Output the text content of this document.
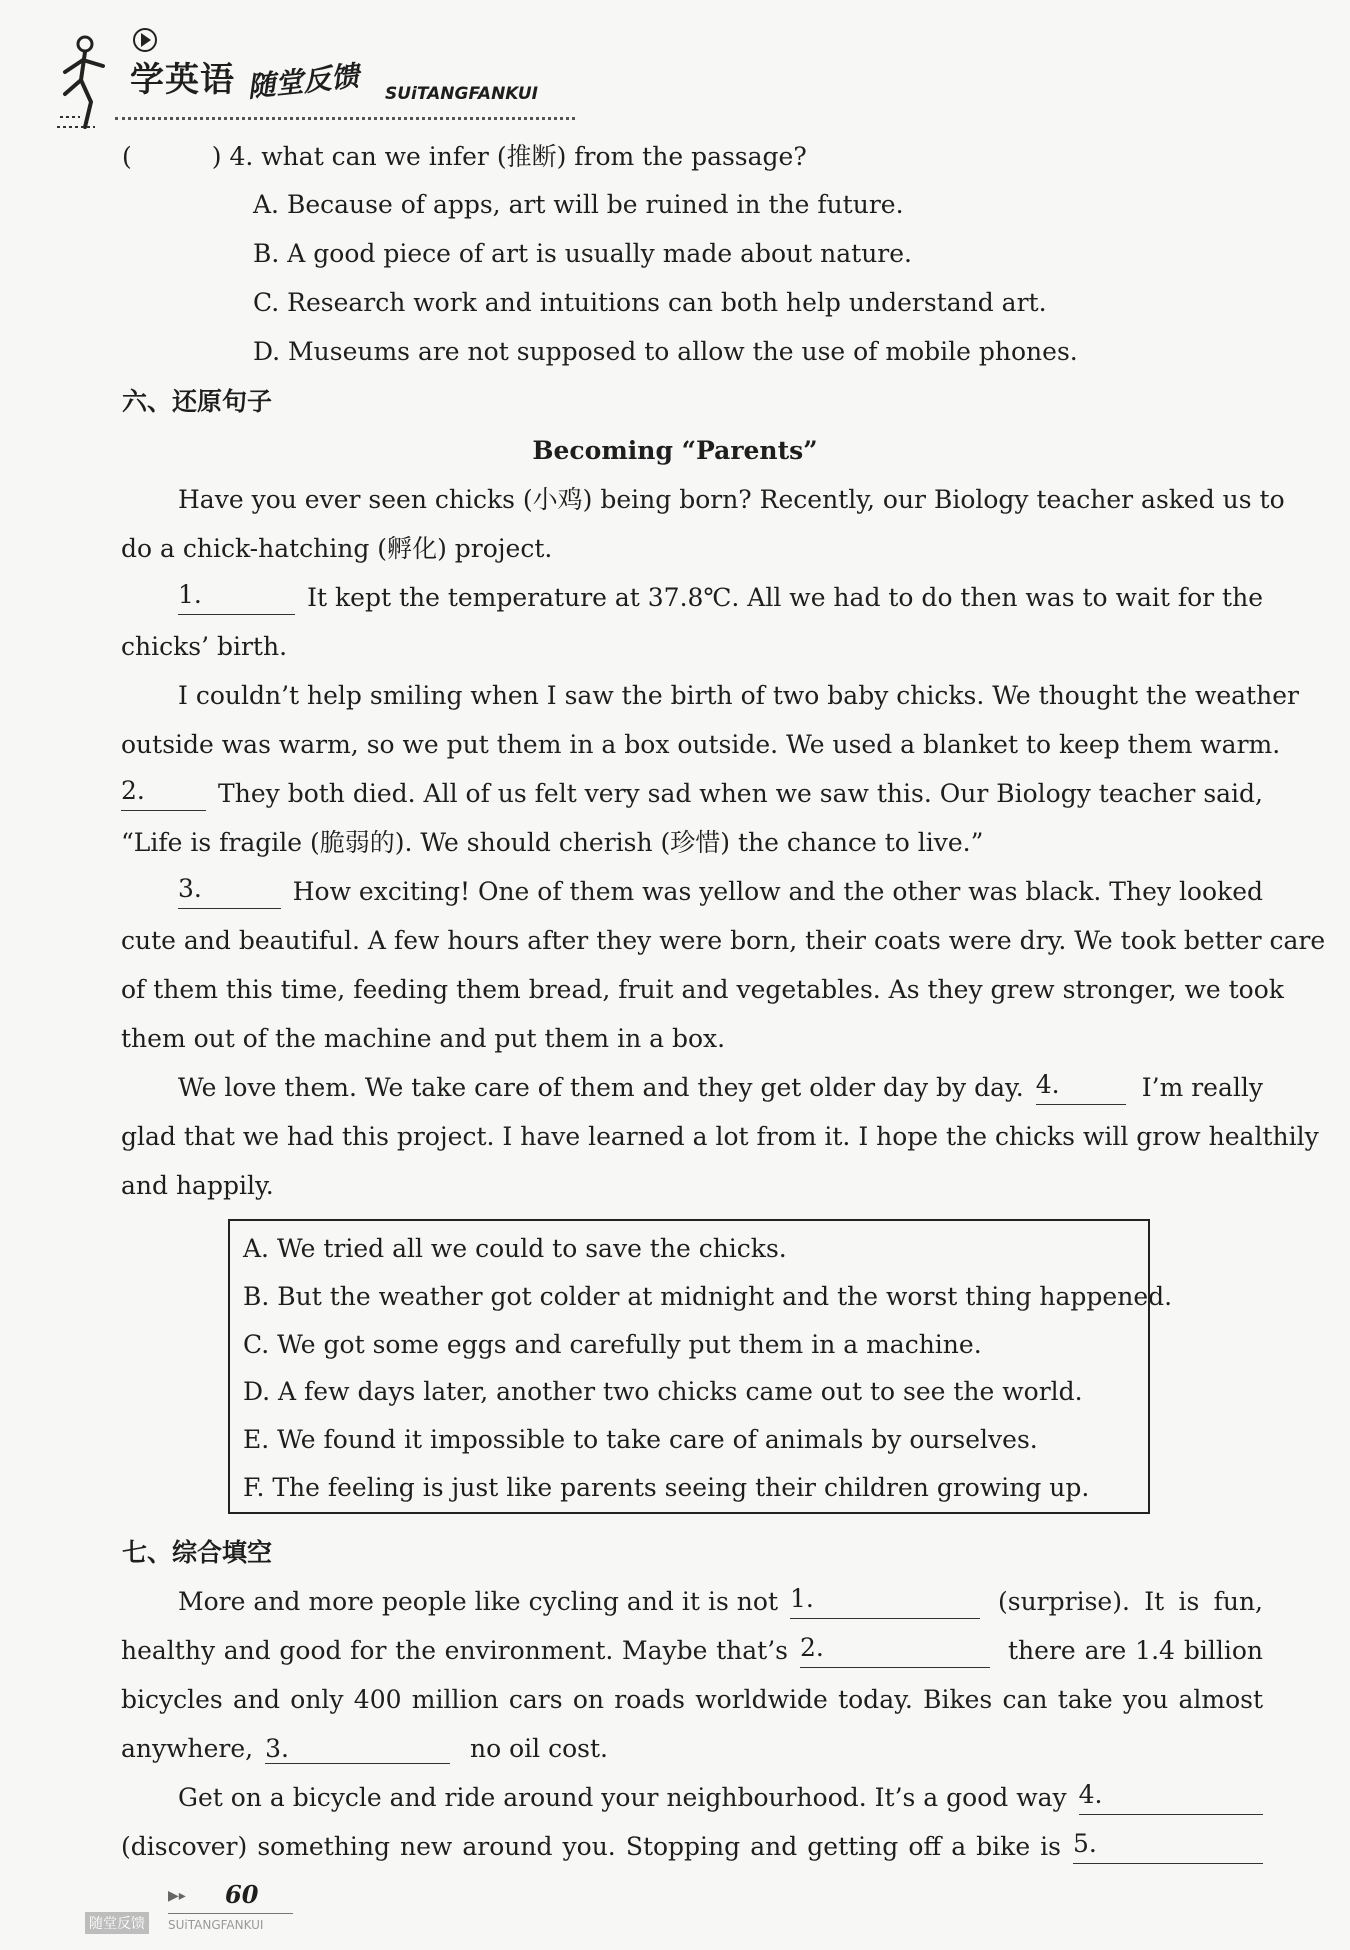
学英语 随堂反馈 SUiTANGFANKUI
(	) 4. what can we infer (推断) from the passage?
A. Because of apps, art will be ruined in the future.
B. A good piece of art is usually made about nature.
C. Research work and intuitions can both help understand art.
D. Museums are not supposed to allow the use of mobile phones.
六、还原句子
Becoming “Parents”
Have you ever seen chicks (小鸡) being born? Recently, our Biology teacher asked us to
do a chick-hatching (孵化) project.
1.	It kept the temperature at 37.8℃. All we had to do then was to wait for the
chicks’ birth.
I couldn’t help smiling when I saw the birth of two baby chicks. We thought the weather
outside was warm, so we put them in a box outside. We used a blanket to keep them warm.
2.	They both died. All of us felt very sad when we saw this. Our Biology teacher said,
“Life is fragile (脆弱的). We should cherish (珍惜) the chance to live.”
3.	How exciting! One of them was yellow and the other was black. They looked
cute and beautiful. A few hours after they were born, their coats were dry. We took better care
of them this time, feeding them bread, fruit and vegetables. As they grew stronger, we took
them out of the machine and put them in a box.
We love them. We take care of them and they get older day by day. 4.	I’m really
glad that we had this project. I have learned a lot from it. I hope the chicks will grow healthily
and happily.
A. We tried all we could to save the chicks.
B. But the weather got colder at midnight and the worst thing happened.
C. We got some eggs and carefully put them in a machine.
D. A few days later, another two chicks came out to see the world.
E. We found it impossible to take care of animals by ourselves.
F. The feeling is just like parents seeing their children growing up.
七、综合填空
More and more people like cycling and it is not 1.	(surprise). It is fun,
healthy and good for the environment. Maybe that’s 2.	there are 1.4 billion
bicycles and only 400 million cars on roads worldwide today. Bikes can take you almost
anywhere, 3.	no oil cost.
Get on a bicycle and ride around your neighbourhood. It’s a good way 4.
(discover) something new around you. Stopping and getting off a bike is 5.
▶▸ 60
随堂反馈	SUiTANGFANKUI
